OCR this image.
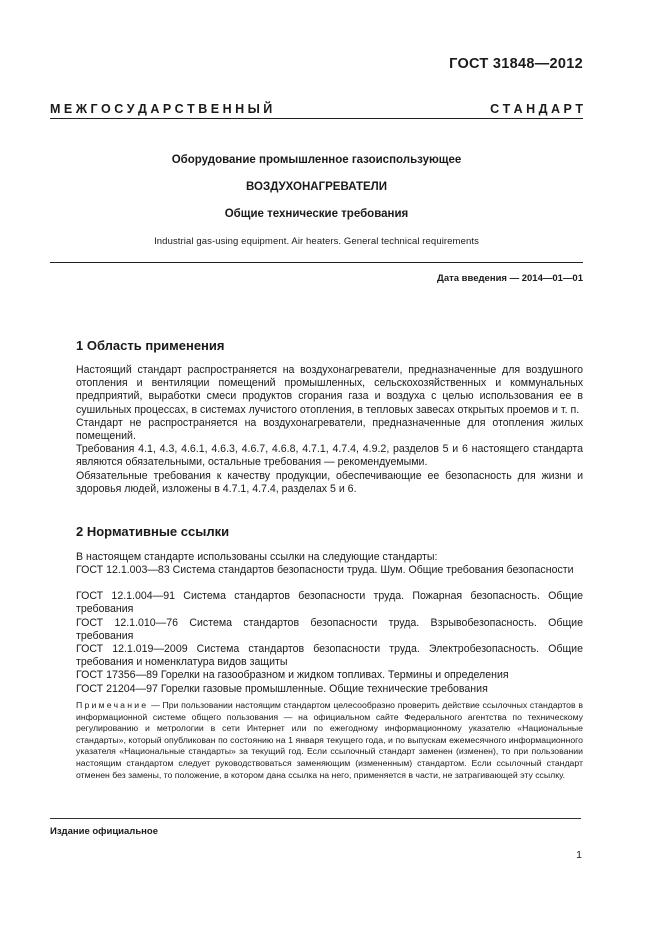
ГОСТ 31848—2012
М Е Ж Г О С У Д А Р С Т В Е Н Н Ы Й	С Т А Н Д А Р Т
Оборудование промышленное газоиспользующее
ВОЗДУХОНАГРЕВАТЕЛИ
Общие технические требования
Industrial gas-using equipment. Air heaters. General technical requirements
Дата введения — 2014—01—01
1 Область применения
Настоящий стандарт распространяется на воздухонагреватели, предназначенные для воздушного отопления и вентиляции помещений промышленных, сельскохозяйственных и коммунальных предприятий, выработки смеси продуктов сгорания газа и воздуха с целью использования ее в сушильных процессах, в системах лучистого отопления, в тепловых завесах открытых проемов и т. п.
Стандарт не распространяется на воздухонагреватели, предназначенные для отопления жилых помещений.
Требования 4.1, 4.3, 4.6.1, 4.6.3, 4.6.7, 4.6.8, 4.7.1, 4.7.4, 4.9.2, разделов 5 и 6 настоящего стандарта являются обязательными, остальные требования — рекомендуемыми.
Обязательные требования к качеству продукции, обеспечивающие ее безопасность для жизни и здоровья людей, изложены в 4.7.1, 4.7.4, разделах 5 и 6.
2 Нормативные ссылки
В настоящем стандарте использованы ссылки на следующие стандарты:
ГОСТ 12.1.003—83 Система стандартов безопасности труда. Шум. Общие требования безопасности
ГОСТ 12.1.004—91 Система стандартов безопасности труда. Пожарная безопасность. Общие требования
ГОСТ 12.1.010—76 Система стандартов безопасности труда. Взрывобезопасность. Общие требования
ГОСТ 12.1.019—2009 Система стандартов безопасности труда. Электробезопасность. Общие требования и номенклатура видов защиты
ГОСТ 17356—89 Горелки на газообразном и жидком топливах. Термины и определения
ГОСТ 21204—97 Горелки газовые промышленные. Общие технические требования
Примечание — При пользовании настоящим стандартом целесообразно проверить действие ссылочных стандартов в информационной системе общего пользования — на официальном сайте Федерального агентства по техническому регулированию и метрологии в сети Интернет или по ежегодному информационному указателю «Национальные стандарты», который опубликован по состоянию на 1 января текущего года, и по выпускам ежемесячного информационного указателя «Национальные стандарты» за текущий год. Если ссылочный стандарт заменен (изменен), то при пользовании настоящим стандартом следует руководствоваться заменяющим (измененным) стандартом. Если ссылочный стандарт отменен без замены, то положение, в котором дана ссылка на него, применяется в части, не затрагивающей эту ссылку.
Издание официальное
1
